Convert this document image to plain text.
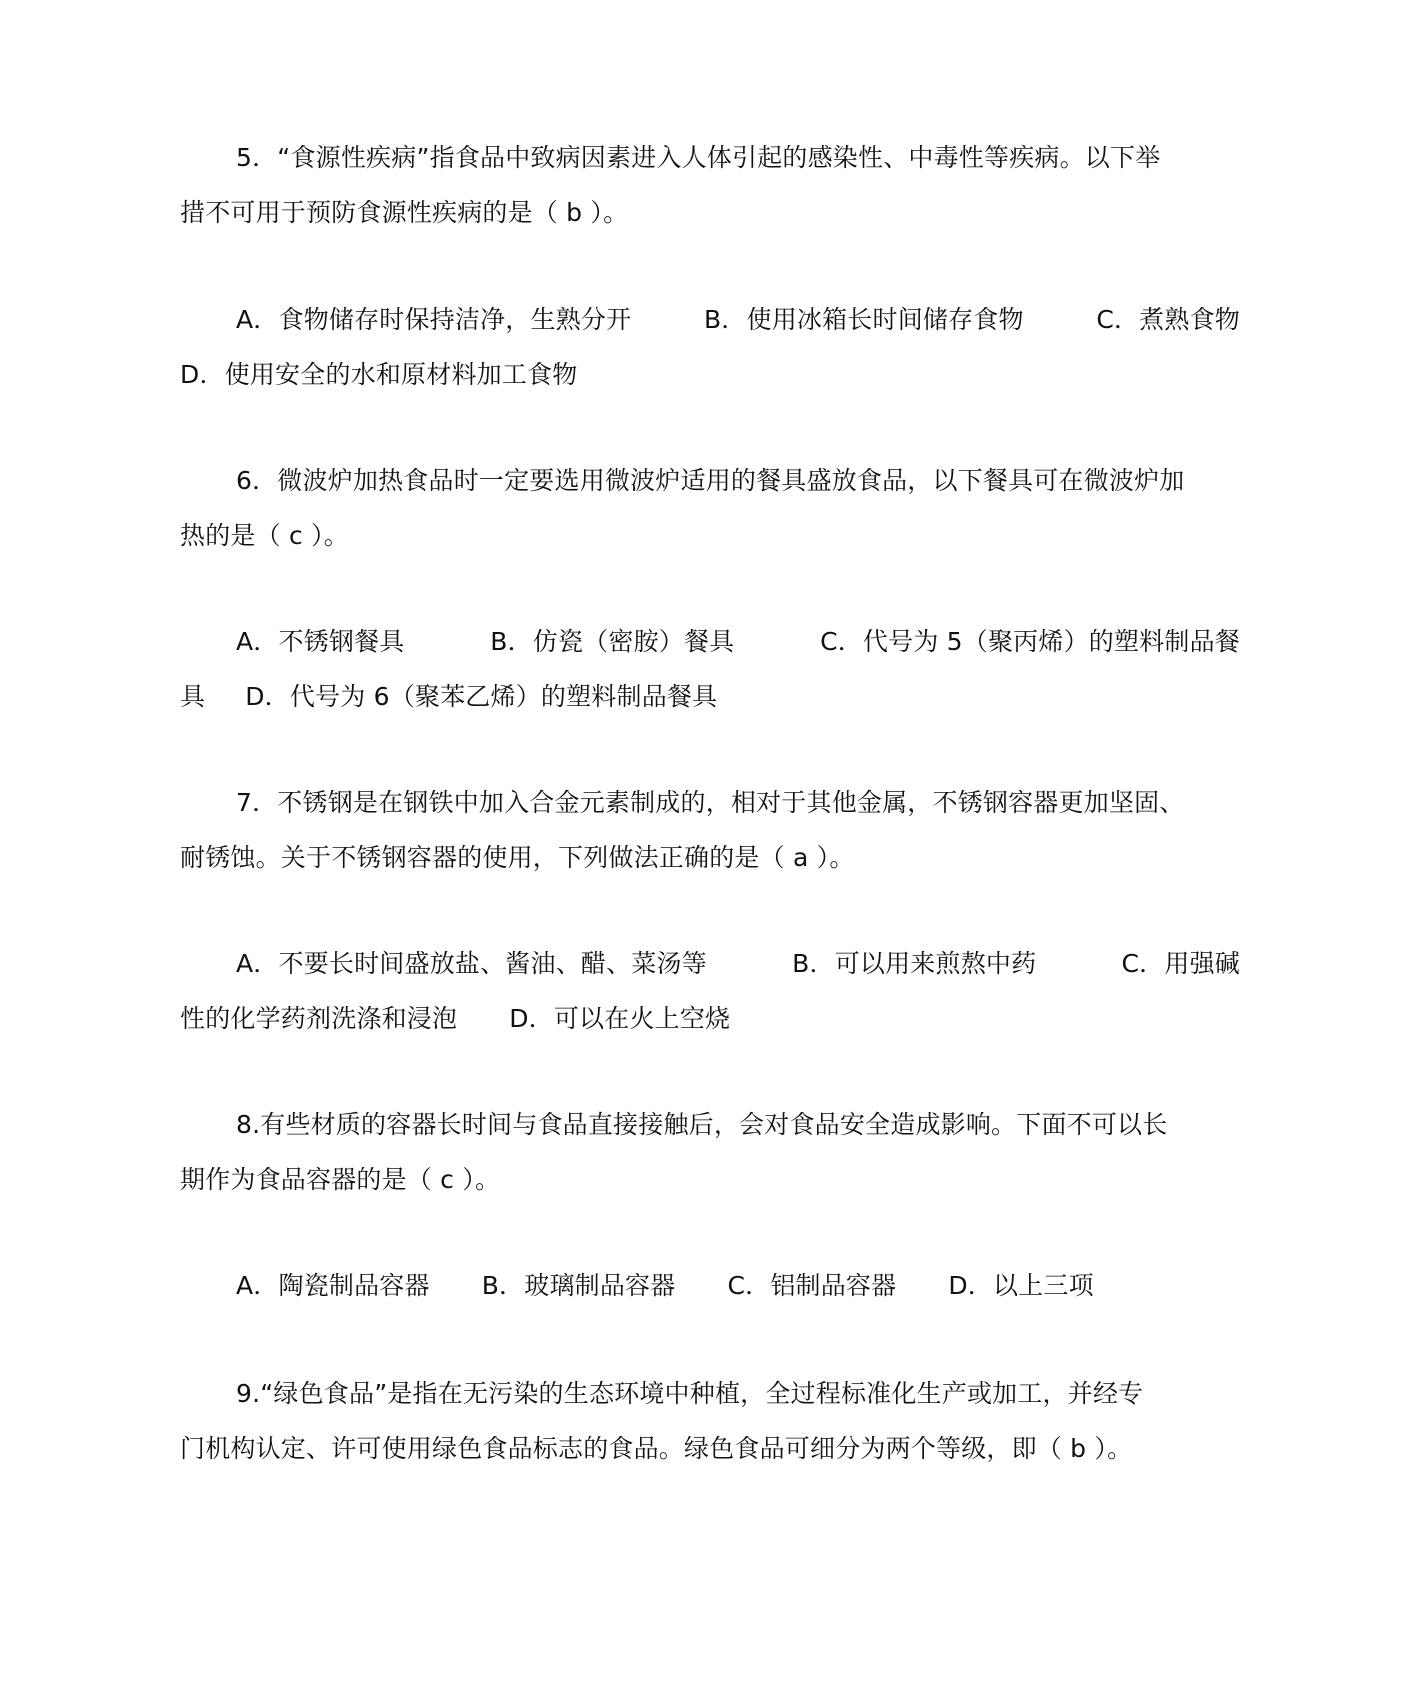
5．“食源性疾病”指食品中致病因素进入人体引起的感染性、中毒性等疾病。以下举
措不可用于预防食源性疾病的是（ b ）。
A．食物储存时保持洁净，生熟分开	B．使用冰箱长时间储存食物	C．煮熟食物
D．使用安全的水和原材料加工食物
6．微波炉加热食品时一定要选用微波炉适用的餐具盛放食品，以下餐具可在微波炉加
热的是（ c ）。
A．不锈钢餐具	B．仿瓷（密胺）餐具	C．代号为 5（聚丙烯）的塑料制品餐
具 D．代号为 6（聚苯乙烯）的塑料制品餐具
7．不锈钢是在钢铁中加入合金元素制成的，相对于其他金属，不锈钢容器更加坚固、
耐锈蚀。关于不锈钢容器的使用，下列做法正确的是（ a ）。
A．不要长时间盛放盐、酱油、醋、菜汤等	B．可以用来煎熬中药	C．用强碱
性的化学药剂洗涤和浸泡 D．可以在火上空烧
8.有些材质的容器长时间与食品直接接触后，会对食品安全造成影响。下面不可以长
期作为食品容器的是（ c ）。
A．陶瓷制品容器 B．玻璃制品容器 C．铝制品容器 D．以上三项
9.“绿色食品”是指在无污染的生态环境中种植，全过程标准化生产或加工，并经专
门机构认定、许可使用绿色食品标志的食品。绿色食品可细分为两个等级，即（ b ）。
